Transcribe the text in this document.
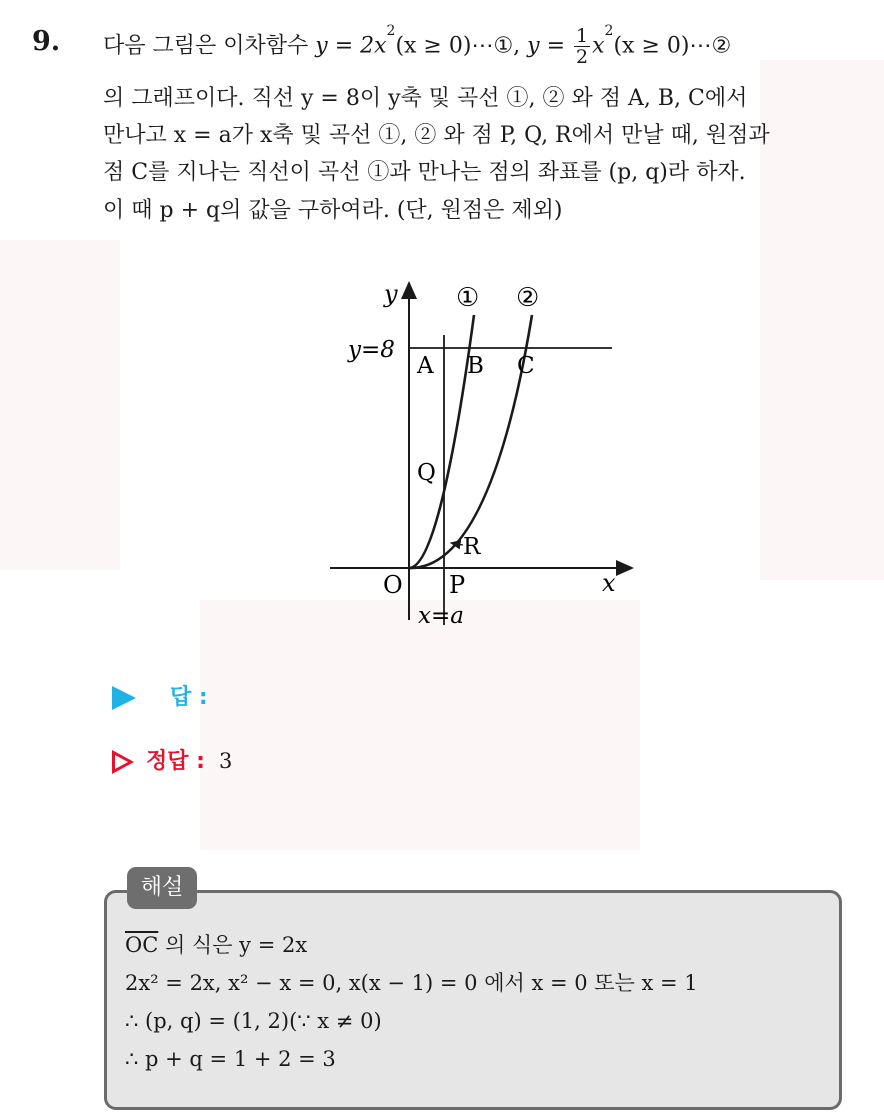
9. 다음 그림은 이차함수 $y = 2x^2(x$ ≥ 0)⋯①, $y = \frac{1}{2} x^2(x$ ≥ 0)⋯②
의 그래프이다. 직선 y = 8이 y축 및 곡선 ①, ② 와 점 A, B, C에서
만나고 x = a가 x축 및 곡선 ①, ② 와 점 P, Q, R에서 만날 때, 원점과
점 C를 지나는 직선이 곡선 ①과 만나는 점의 좌표를 (p, q)라 하자.
이 때 p + q의 값을 구하여라. (단, 원점은 제외)
y
x
O
y=8
x=a
① ②
A B C
Q
R
P
답 :
정답 : 3
해설
$\overline{OC}$ 의 식은 y = 2x
2x² = 2x, x² − x = 0, x(x − 1) = 0 에서 x = 0 또는 x = 1
∴ (p, q) = (1, 2)(∵ x ≠ 0)
∴ p + q = 1 + 2 = 3
